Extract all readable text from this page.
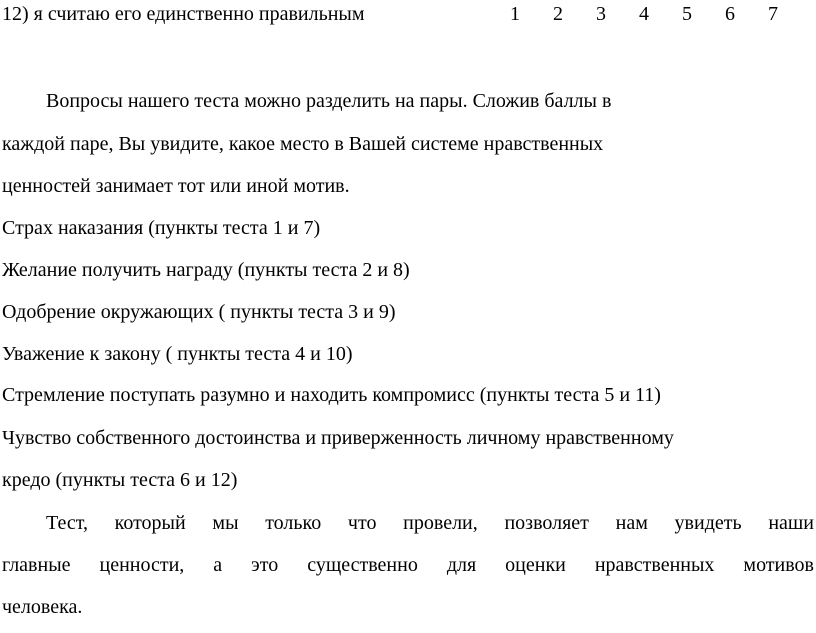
12) я считаю его единственно правильным	1 2 3 4 5 6 7
Вопросы нашего теста можно разделить на пары. Сложив баллы в
каждой паре, Вы увидите, какое место в Вашей системе нравственных
ценностей занимает тот или иной мотив.
Страх наказания (пункты теста 1 и 7)
Желание получить награду (пункты теста 2 и 8)
Одобрение окружающих ( пункты теста 3 и 9)
Уважение к закону ( пункты теста 4 и 10)
Стремление поступать разумно и находить компромисс (пункты теста 5 и 11)
Чувство собственного достоинства и приверженность личному нравственному
кредо (пункты теста 6 и 12)
Тест, который мы только что провели, позволяет нам увидеть наши
главные ценности, а это существенно для оценки нравственных мотивов
человека.
